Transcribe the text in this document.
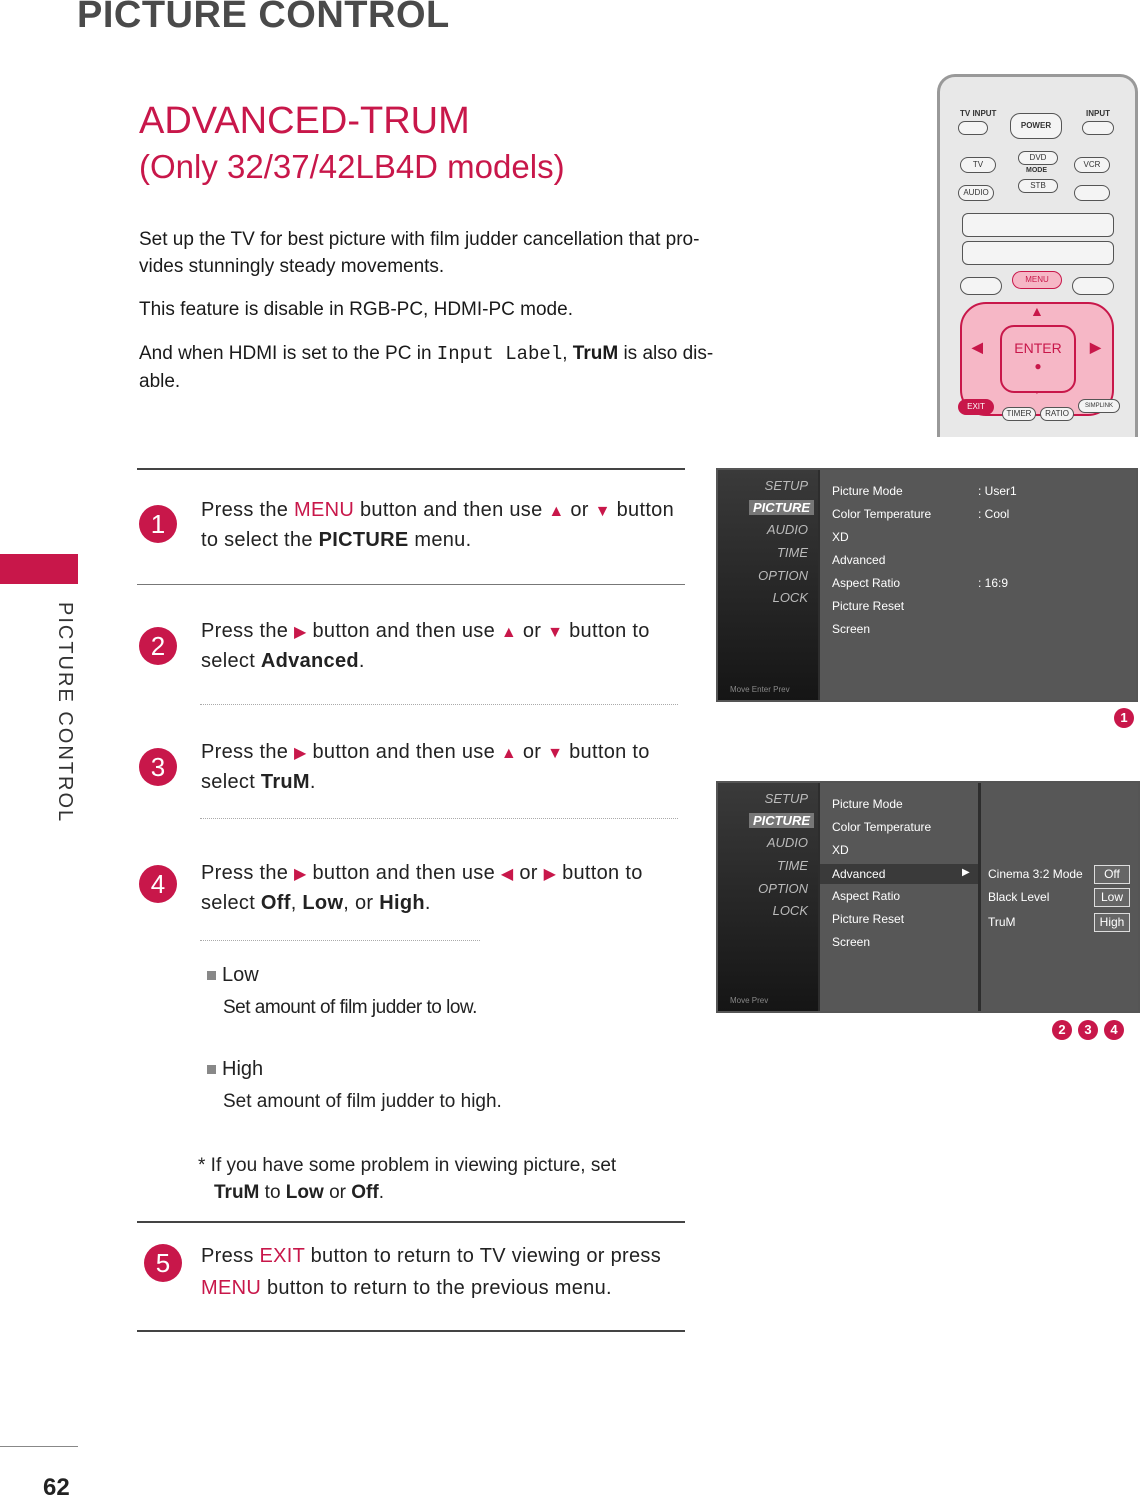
PICTURE CONTROL
PICTURE CONTROL
62
ADVANCED-TRUM
(Only 32/37/42LB4D models)
Set up the TV for best picture with film judder cancellation that pro-
vides stunningly steady movements.
This feature is disable in RGB-PC, HDMI-PC mode.
And when HDMI is set to the PC in Input Label, TruM is also dis-
able.
TV INPUT
POWER
INPUT
TV
DVD
MODE
VCR
AUDIO
STB
MENU
▲
◀	▶
ENTER
●
EXIT
TIMER	RATIO
SIMPLINK
1	Press the MENU button and then use ▲ or ▼ button
to select the PICTURE menu.
2	Press the ▶ button and then use ▲ or ▼ button to
select Advanced.
3	Press the ▶ button and then use ▲ or ▼ button to
select TruM.
4	Press the ▶ button and then use ◀ or ▶ button to
select Off, Low, or High.
Low
Set amount of film judder to low.
High
Set amount of film judder to high.
* If you have some problem in viewing picture, set
TruM to Low or Off.
5	Press EXIT button to return to TV viewing or press
MENU button to return to the previous menu.
SETUP
PICTURE
AUDIO
TIME
OPTION
LOCK
Move Enter Prev
Picture Mode	: User1
Color Temperature	: Cool
XD
Advanced
Aspect Ratio	: 16:9
Picture Reset
Screen
1
SETUP
PICTURE
AUDIO
TIME
OPTION
LOCK
Move Prev
Picture Mode
Color Temperature
XD
Advanced	▶
Aspect Ratio
Picture Reset
Screen
Cinema 3:2 Mode	Off
Black Level	Low
TruM	High
2 3 4
